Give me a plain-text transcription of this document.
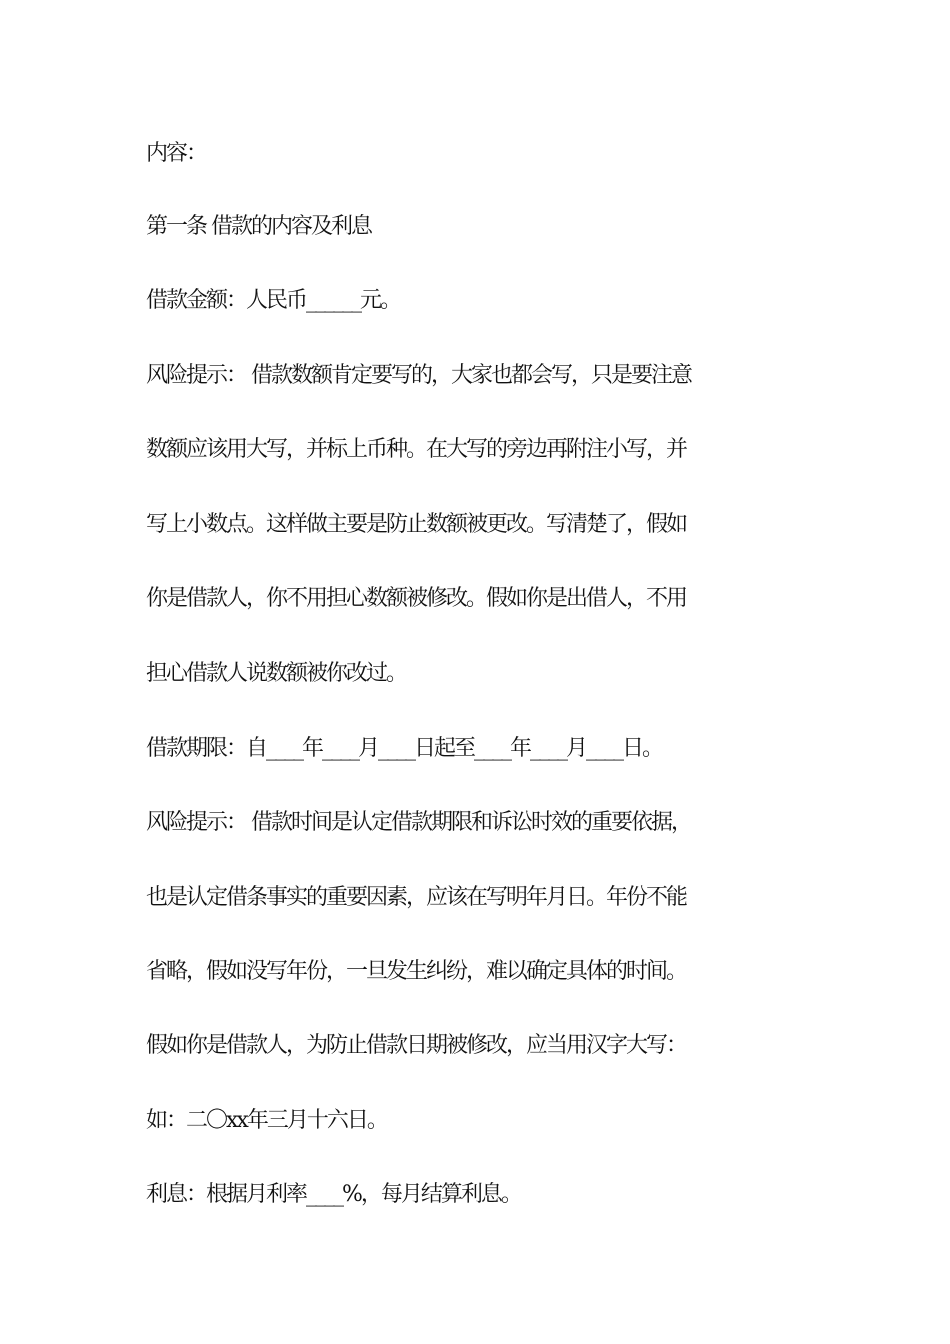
内容：
第一条 借款的内容及利息
借款金额：人民币______元。
风险提示： 借款数额肯定要写的，大家也都会写，只是要注意
数额应该用大写，并标上币种。在大写的旁边再附注小写，并
写上小数点。这样做主要是防止数额被更改。写清楚了，假如
你是借款人，你不用担心数额被修改。假如你是出借人，不用
担心借款人说数额被你改过。
借款期限：自____年____月____日起至____年____月____日。
风险提示： 借款时间是认定借款期限和诉讼时效的重要依据，
也是认定借条事实的重要因素，应该在写明年月日。年份不能
省略，假如没写年份，一旦发生纠纷，难以确定具体的时间。
假如你是借款人，为防止借款日期被修改，应当用汉字大写：
如：二〇xx年三月十六日。
利息：根据月利率____%，每月结算利息。
